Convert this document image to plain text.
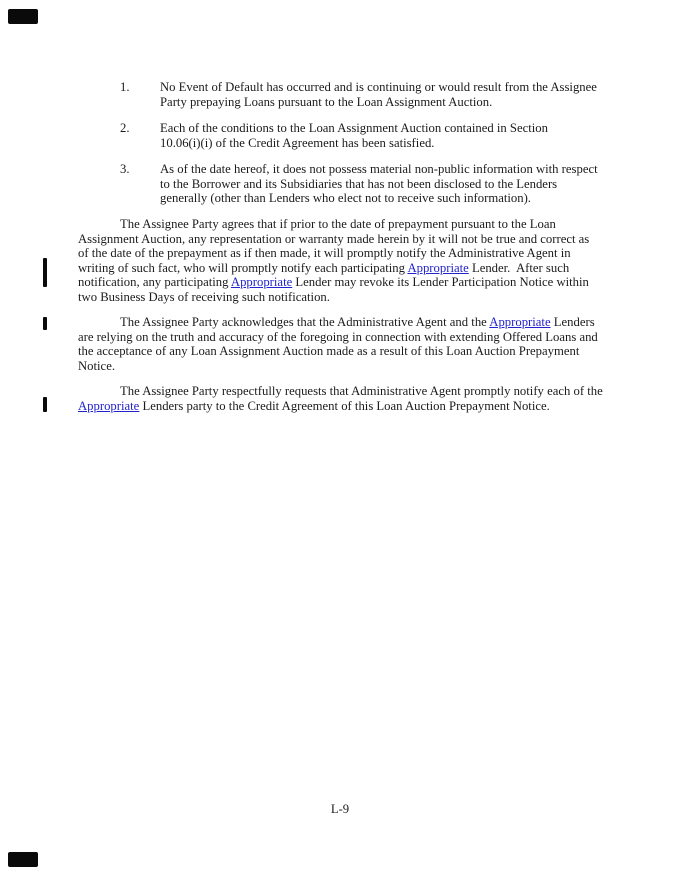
1. No Event of Default has occurred and is continuing or would result from the Assignee
Party prepaying Loans pursuant to the Loan Assignment Auction.
2. Each of the conditions to the Loan Assignment Auction contained in Section
10.06(i)(i) of the Credit Agreement has been satisfied.
3. As of the date hereof, it does not possess material non-public information with respect
to the Borrower and its Subsidiaries that has not been disclosed to the Lenders
generally (other than Lenders who elect not to receive such information).
The Assignee Party agrees that if prior to the date of prepayment pursuant to the Loan
Assignment Auction, any representation or warranty made herein by it will not be true and correct as
of the date of the prepayment as if then made, it will promptly notify the Administrative Agent in
writing of such fact, who will promptly notify each participating Appropriate Lender.  After such
notification, any participating Appropriate Lender may revoke its Lender Participation Notice within
two Business Days of receiving such notification.
The Assignee Party acknowledges that the Administrative Agent and the Appropriate Lenders
are relying on the truth and accuracy of the foregoing in connection with extending Offered Loans and
the acceptance of any Loan Assignment Auction made as a result of this Loan Auction Prepayment
Notice.
The Assignee Party respectfully requests that Administrative Agent promptly notify each of the
Appropriate Lenders party to the Credit Agreement of this Loan Auction Prepayment Notice.
L-9
